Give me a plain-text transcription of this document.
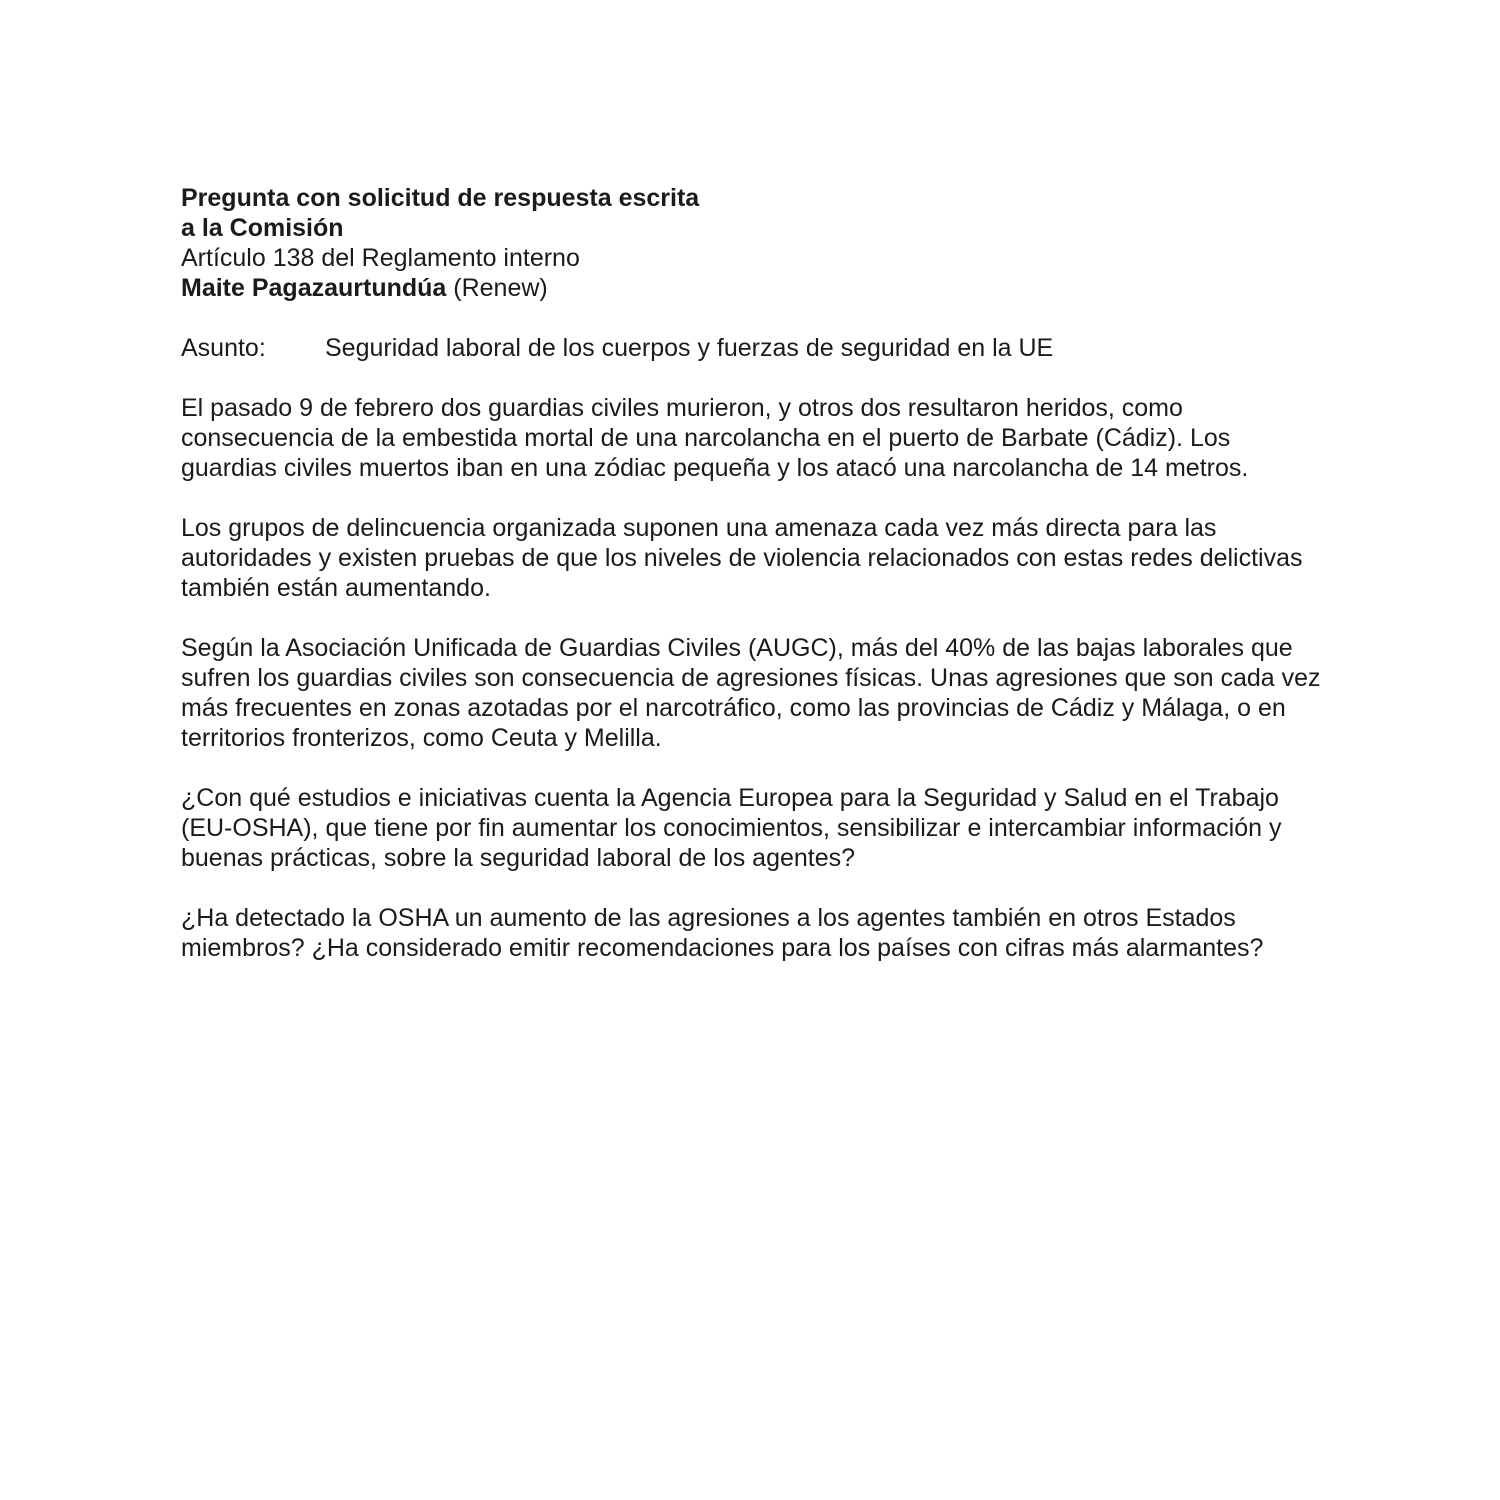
Pregunta con solicitud de respuesta escrita
a la Comisión
Artículo 138 del Reglamento interno
Maite Pagazaurtundúa (Renew)
Asunto:	Seguridad laboral de los cuerpos y fuerzas de seguridad en la UE

El pasado 9 de febrero dos guardias civiles murieron, y otros dos resultaron heridos, como consecuencia de la embestida mortal de una narcolancha en el puerto de Barbate (Cádiz). Los guardias civiles muertos iban en una zódiac pequeña y los atacó una narcolancha de 14 metros.

Los grupos de delincuencia organizada suponen una amenaza cada vez más directa para las autoridades y existen pruebas de que los niveles de violencia relacionados con estas redes delictivas también están aumentando.

Según la Asociación Unificada de Guardias Civiles (AUGC), más del 40% de las bajas laborales que sufren los guardias civiles son consecuencia de agresiones físicas. Unas agresiones que son cada vez más frecuentes en zonas azotadas por el narcotráfico, como las provincias de Cádiz y Málaga, o en territorios fronterizos, como Ceuta y Melilla.

¿Con qué estudios e iniciativas cuenta la Agencia Europea para la Seguridad y Salud en el Trabajo (EU-OSHA), que tiene por fin aumentar los conocimientos, sensibilizar e intercambiar información y buenas prácticas, sobre la seguridad laboral de los agentes?

¿Ha detectado la OSHA un aumento de las agresiones a los agentes también en otros Estados miembros? ¿Ha considerado emitir recomendaciones para los países con cifras más alarmantes?
